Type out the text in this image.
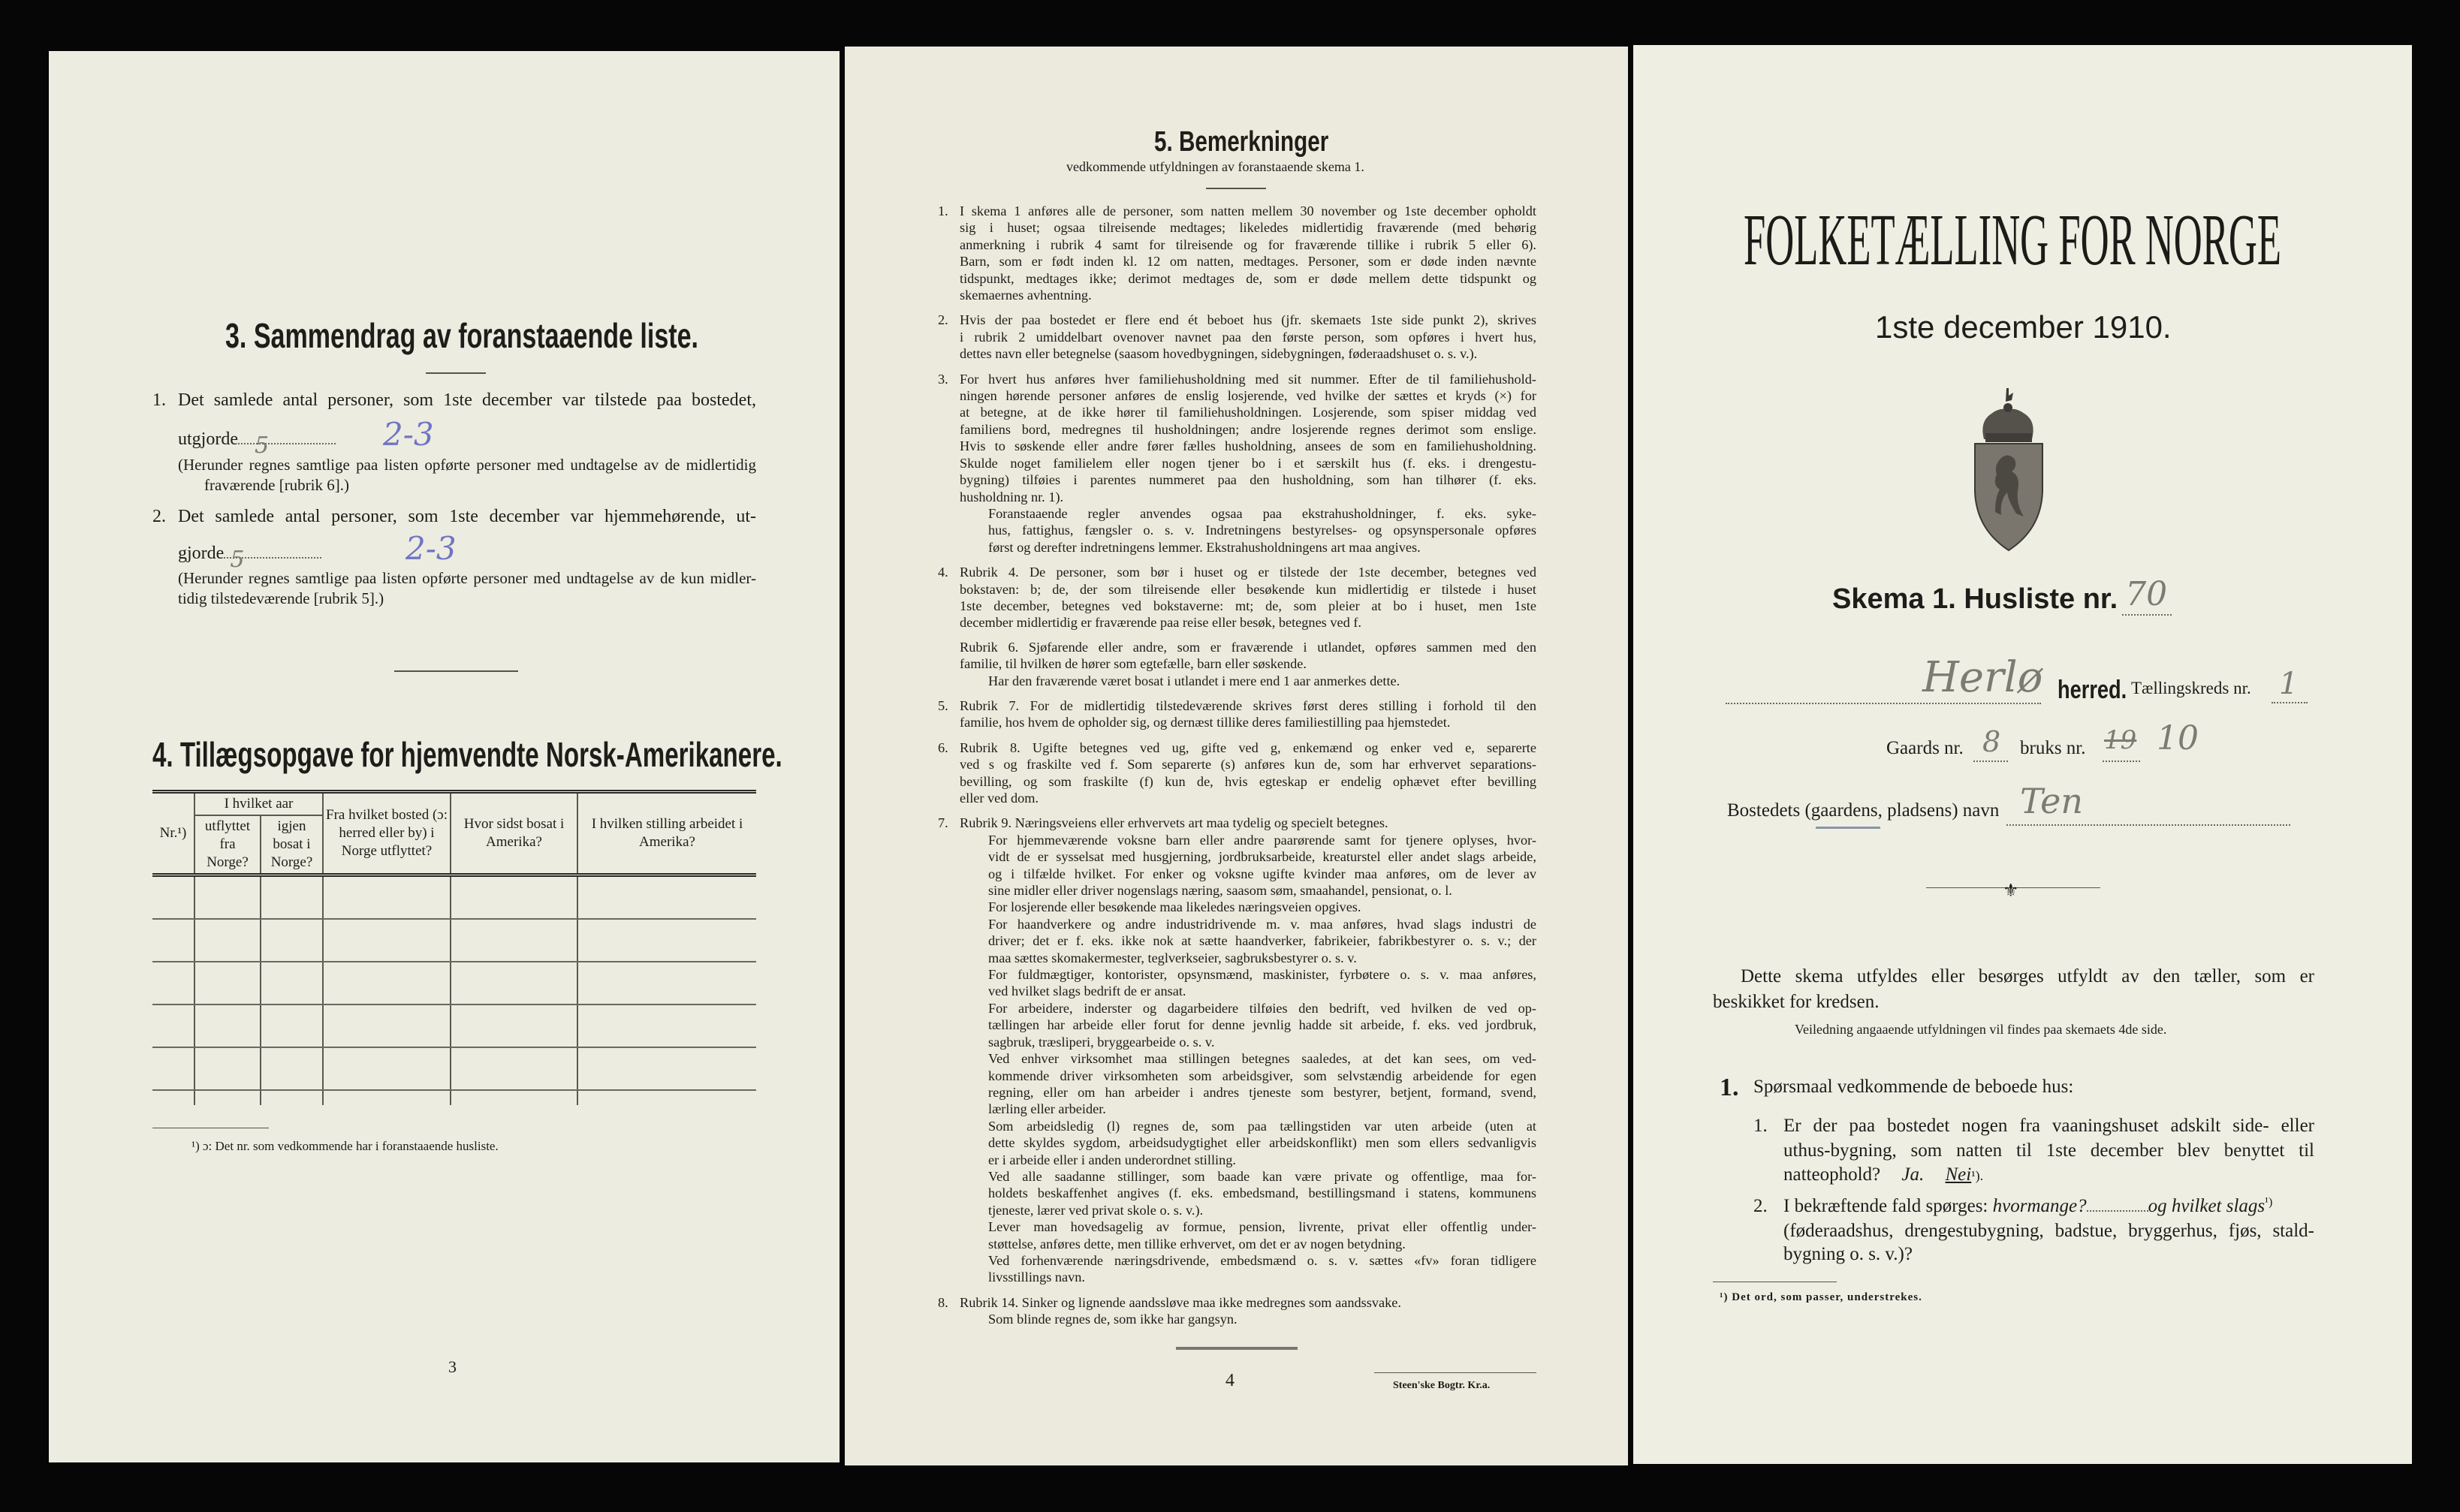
3. Sammendrag av foranstaaende liste.
1. Det samlede antal personer, som 1ste december var tilstede paa bostedet,
utgjorde 5	2-3
(Herunder regnes samtlige paa listen opførte personer med undtagelse av de midlertidig
fraværende [rubrik 6].)
2. Det samlede antal personer, som 1ste december var hjemmehørende, ut-
gjorde 5	2-3
(Herunder regnes samtlige paa listen opførte personer med undtagelse av de kun midler-
tidig tilstedeværende [rubrik 5].)
4. Tillægsopgave for hjemvendte Norsk-Amerikanere.
Nr.¹)	I hvilket aar		Fra hvilket bosted (ɔ: herred eller by) i Norge utflyttet?	Hvor sidst bosat i Amerika?	I hvilken stilling arbeidet i Amerika?
	utflyttet fra Norge?	igjen bosat i Norge?			

¹) ɔ: Det nr. som vedkommende har i foranstaaende husliste.
3
5. Bemerkninger
vedkommende utfyldningen av foranstaaende skema 1.
1. I skema 1 anføres alle de personer, som natten mellem 30 november og 1ste december opholdt
sig i huset; ogsaa tilreisende medtages; likeledes midlertidig fraværende (med behørig
anmerkning i rubrik 4 samt for tilreisende og for fraværende tillike i rubrik 5 eller 6).
Barn, som er født inden kl. 12 om natten, medtages. Personer, som er døde inden nævnte
tidspunkt, medtages ikke; derimot medtages de, som er døde mellem dette tidspunkt og
skemaernes avhentning.
2. Hvis der paa bostedet er flere end ét beboet hus (jfr. skemaets 1ste side punkt 2), skrives
i rubrik 2 umiddelbart ovenover navnet paa den første person, som opføres i hvert hus,
dettes navn eller betegnelse (saasom hovedbygningen, sidebygningen, føderaadshuset o. s. v.).
3. For hvert hus anføres hver familiehusholdning med sit nummer. Efter de til familiehushold-
ningen hørende personer anføres de enslig losjerende, ved hvilke der sættes et kryds (×) for
at betegne, at de ikke hører til familiehusholdningen. Losjerende, som spiser middag ved
familiens bord, medregnes til husholdningen; andre losjerende regnes derimot som enslige.
Hvis to søskende eller andre fører fælles husholdning, ansees de som en familiehusholdning.
Skulde noget familielem eller nogen tjener bo i et særskilt hus (f. eks. i drengestu-
bygning) tilføies i parentes nummeret paa den husholdning, som han tilhører (f. eks.
husholdning nr. 1).
Foranstaaende regler anvendes ogsaa paa ekstrahusholdninger, f. eks. syke-
hus, fattighus, fængsler o. s. v. Indretningens bestyrelses- og opsynspersonale opføres
først og derefter indretningens lemmer. Ekstrahusholdningens art maa angives.
4. Rubrik 4. De personer, som bør i huset og er tilstede der 1ste december, betegnes ved
bokstaven: b; de, der som tilreisende eller besøkende kun midlertidig er tilstede i huset
1ste december, betegnes ved bokstaverne: mt; de, som pleier at bo i huset, men 1ste
december midlertidig er fraværende paa reise eller besøk, betegnes ved f.
Rubrik 6. Sjøfarende eller andre, som er fraværende i utlandet, opføres sammen med den
familie, til hvilken de hører som egtefælle, barn eller søskende.
Har den fraværende været bosat i utlandet i mere end 1 aar anmerkes dette.
5. Rubrik 7. For de midlertidig tilstedeværende skrives først deres stilling i forhold til den
familie, hos hvem de opholder sig, og dernæst tillike deres familiestilling paa hjemstedet.
6. Rubrik 8. Ugifte betegnes ved ug, gifte ved g, enkemænd og enker ved e, separerte
ved s og fraskilte ved f. Som separerte (s) anføres kun de, som har erhvervet separations-
bevilling, og som fraskilte (f) kun de, hvis egteskap er endelig ophævet efter bevilling
eller ved dom.
7. Rubrik 9. Næringsveiens eller erhvervets art maa tydelig og specielt betegnes.
For hjemmeværende voksne barn eller andre paarørende samt for tjenere oplyses, hvor-
vidt de er sysselsat med husgjerning, jordbruksarbeide, kreaturstel eller andet slags arbeide,
og i tilfælde hvilket. For enker og voksne ugifte kvinder maa anføres, om de lever av
sine midler eller driver nogenslags næring, saasom søm, smaahandel, pensionat, o. l.
For losjerende eller besøkende maa likeledes næringsveien opgives.
For haandverkere og andre industridrivende m. v. maa anføres, hvad slags industri de
driver; det er f. eks. ikke nok at sætte haandverker, fabrikeier, fabrikbestyrer o. s. v.; der
maa sættes skomakermester, teglverkseier, sagbruksbestyrer o. s. v.
For fuldmægtiger, kontorister, opsynsmænd, maskinister, fyrbøtere o. s. v. maa anføres,
ved hvilket slags bedrift de er ansat.
For arbeidere, inderster og dagarbeidere tilføies den bedrift, ved hvilken de ved op-
tællingen har arbeide eller forut for denne jevnlig hadde sit arbeide, f. eks. ved jordbruk,
sagbruk, træsliperi, bryggearbeide o. s. v.
Ved enhver virksomhet maa stillingen betegnes saaledes, at det kan sees, om ved-
kommende driver virksomheten som arbeidsgiver, som selvstændig arbeidende for egen
regning, eller om han arbeider i andres tjeneste som bestyrer, betjent, formand, svend,
lærling eller arbeider.
Som arbeidsledig (l) regnes de, som paa tællingstiden var uten arbeide (uten at
dette skyldes sygdom, arbeidsudygtighet eller arbeidskonflikt) men som ellers sedvanligvis
er i arbeide eller i anden underordnet stilling.
Ved alle saadanne stillinger, som baade kan være private og offentlige, maa for-
holdets beskaffenhet angives (f. eks. embedsmand, bestillingsmand i statens, kommunens
tjeneste, lærer ved privat skole o. s. v.).
Lever man hovedsagelig av formue, pension, livrente, privat eller offentlig under-
støttelse, anføres dette, men tillike erhvervet, om det er av nogen betydning.
Ved forhenværende næringsdrivende, embedsmænd o. s. v. sættes «fv» foran tidligere
livsstillings navn.
8. Rubrik 14. Sinker og lignende aandssløve maa ikke medregnes som aandssvake.
Som blinde regnes de, som ikke har gangsyn.
4	Steen'ske Bogtr. Kr.a.
FOLKETÆLLING FOR NORGE
1ste december 1910.
Skema 1. Husliste nr. 70
Herlø herred. Tællingskreds nr. 1
Gaards nr. 8 bruks nr. 19 10
Bostedets (gaardens, pladsens) navn Ten
⚜
Dette skema utfyldes eller besørges utfyldt av den tæller, som er
beskikket for kredsen.
Veiledning angaaende utfyldningen vil findes paa skemaets 4de side.
1. Spørsmaal vedkommende de beboede hus:
1. Er der paa bostedet nogen fra vaaningshuset adskilt side- eller
uthus-bygning, som natten til 1ste december blev benyttet til
natteophold? Ja. Nei¹).
2. I bekræftende fald spørges: hvormange?	og hvilket slags$^{^1)}$
(føderaadshus, drengestubygning, badstue, bryggerhus, fjøs, stald-
bygning o. s. v.)?
¹) Det ord, som passer, understrekes.
